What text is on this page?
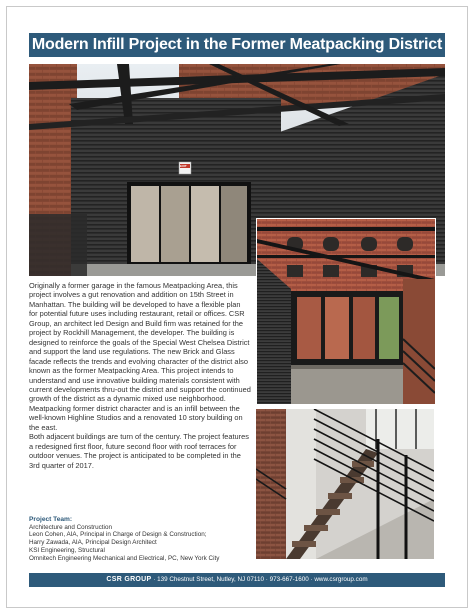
Modern Infill Project in the Former Meatpacking District
EXIT

Originally a former garage in the famous Meatpacking Area, this project involves a gut renovation and addition on 15th Street in Manhattan. The building will be developed to have a flexible plan for potential future uses including restaurant, retail or offices. CSR Group, an architect led Design and Build firm was retained for the project by Rockhill Management, the developer. The building is designed to reinforce the goals of the Special West Chelsea District and support the land use regulations. The new Brick and Glass facade reflects the trends and evolving character of the district also known as the former Meatpacking Area. This project intends to understand and use innovative building materials consistent with current developments thru-out the district and support the continued growth of the district as a dynamic mixed use neighborhood. Meatpacking former district character and is an infill between the well-known Highline Studios and a renovated 10 story building on the east.

Both adjacent buildings are turn of the century. The project features a redesigned first floor, future second floor with roof terraces for outdoor venues. The project is anticipated to be completed in the 3rd quarter of 2017.

Project Team:
Architecture and Construction
Leon Cohen, AIA, Principal in Charge of Design & Construction;
Harry Zawada, AIA, Principal Design Architect
KSI Engineering, Structural
Omnitech Engineering Mechanical and Electrical, PC, New York City
CSR GROUP · 139 Chestnut Street, Nutley, NJ 07110 · 973-667-1600 · www.csrgroup.com
